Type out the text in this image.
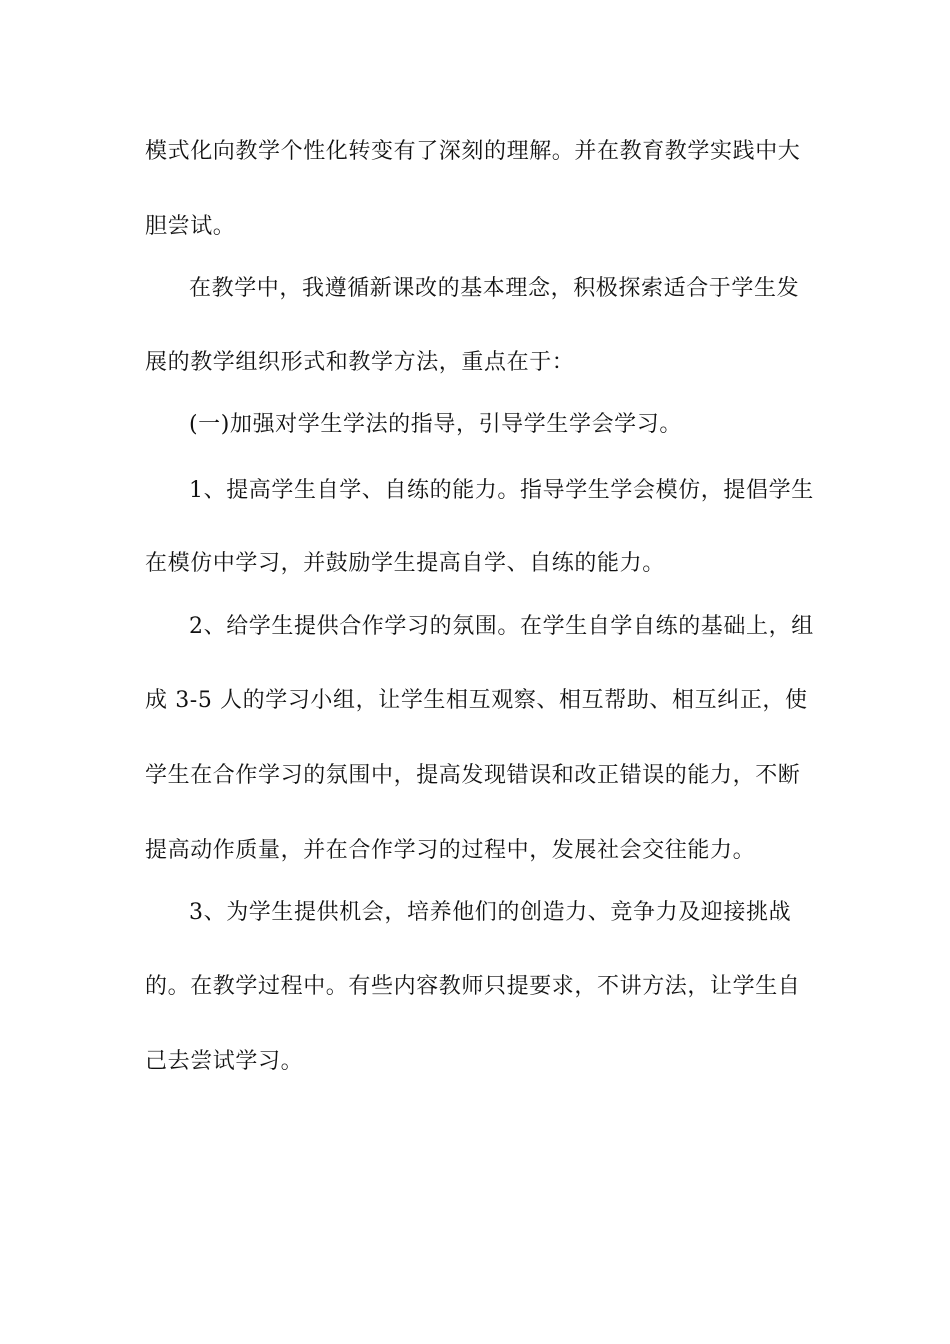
模式化向教学个性化转变有了深刻的理解。并在教育教学实践中大
胆尝试。
在教学中，我遵循新课改的基本理念，积极探索适合于学生发
展的教学组织形式和教学方法，重点在于：
(一)加强对学生学法的指导，引导学生学会学习。
1、提高学生自学、自练的能力。指导学生学会模仿，提倡学生
在模仿中学习，并鼓励学生提高自学、自练的能力。
2、给学生提供合作学习的氛围。在学生自学自练的基础上，组
成 3-5 人的学习小组，让学生相互观察、相互帮助、相互纠正，使
学生在合作学习的氛围中，提高发现错误和改正错误的能力，不断
提高动作质量，并在合作学习的过程中，发展社会交往能力。
3、为学生提供机会，培养他们的创造力、竞争力及迎接挑战
的。在教学过程中。有些内容教师只提要求，不讲方法，让学生自
己去尝试学习。
